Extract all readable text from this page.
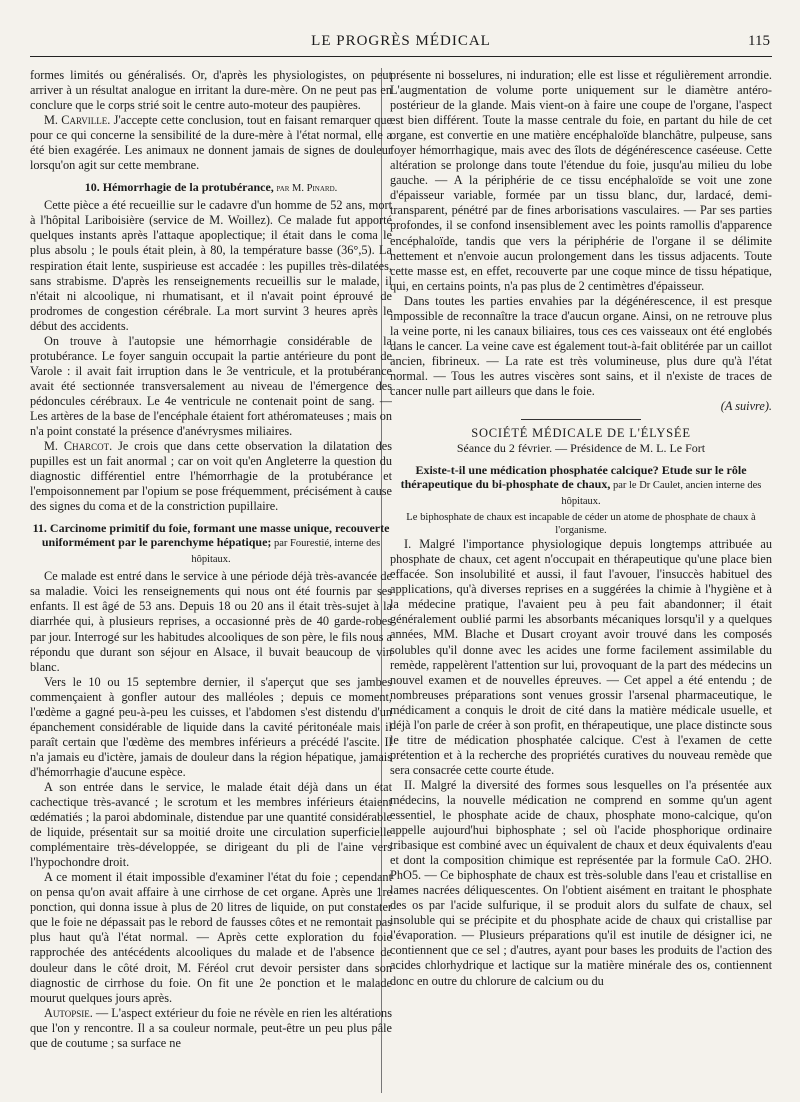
LE PROGRÈS MÉDICAL	115

formes limités ou généralisés. Or, d'après les physiologistes, on peut arriver à un résultat analogue en irritant la dure-mère. On ne peut pas en conclure que le corps strié soit le centre auto-moteur des paupières.

M. Carville. J'accepte cette conclusion, tout en faisant remarquer que pour ce qui concerne la sensibilité de la dure-mère à l'état normal, elle a été bien exagérée. Les animaux ne donnent jamais de signes de douleur lorsqu'on agit sur cette membrane.

10. Hémorrhagie de la protubérance, par M. Pinard.

Cette pièce a été recueillie sur le cadavre d'un homme de 52 ans, mort à l'hôpital Lariboisière (service de M. Woillez). Ce malade fut apporté quelques instants après l'attaque apoplectique; il était dans le coma le plus absolu ; le pouls était plein, à 80, la température basse (36°,5). La respiration était lente, suspirieuse est accadée : les pupilles très-dilatées, sans strabisme. D'après les renseignements recueillis sur le malade, il n'était ni alcoolique, ni rhumatisant, et il n'avait point éprouvé de prodromes de congestion cérébrale. La mort survint 3 heures après le début des accidents.

On trouve à l'autopsie une hémorrhagie considérable de la protubérance. Le foyer sanguin occupait la partie antérieure du pont de Varole : il avait fait irruption dans le 3e ventricule, et la protubérance avait été sectionnée transversalement au niveau de l'émergence des pédoncules cérébraux. Le 4e ventricule ne contenait point de sang. — Les artères de la base de l'encéphale étaient fort athéromateuses ; mais on n'a point constaté la présence d'anévrysmes miliaires.

M. Charcot. Je crois que dans cette observation la dilatation des pupilles est un fait anormal ; car on voit qu'en Angleterre la question du diagnostic différentiel entre l'hémorrhagie de la protubérance et l'empoisonnement par l'opium se pose fréquemment, précisément à cause des signes du coma et de la constriction pupillaire.

11. Carcinome primitif du foie, formant une masse unique, recouverte uniformément par le parenchyme hépatique; par Fourestié, interne des hôpitaux.

Ce malade est entré dans le service à une période déjà très-avancée de sa maladie. Voici les renseignements qui nous ont été fournis par ses enfants. Il est âgé de 53 ans. Depuis 18 ou 20 ans il était très-sujet à la diarrhée qui, à plusieurs reprises, a occasionné près de 40 garde-robes par jour. Interrogé sur les habitudes alcooliques de son père, le fils nous a répondu que durant son séjour en Alsace, il buvait beaucoup de vin blanc.

Vers le 10 ou 15 septembre dernier, il s'aperçut que ses jambes commençaient à gonfler autour des malléoles ; depuis ce moment, l'œdème a gagné peu-à-peu les cuisses, et l'abdomen s'est distendu d'un épanchement considérable de liquide dans la cavité péritonéale mais il paraît certain que l'œdème des membres inférieurs a précédé l'ascite. Il n'a jamais eu d'ictère, jamais de douleur dans la région hépatique, jamais d'hémorrhagie d'aucune espèce.

A son entrée dans le service, le malade était déjà dans un état cachectique très-avancé ; le scrotum et les membres inférieurs étaient œdématiés ; la paroi abdominale, distendue par une quantité considérable de liquide, présentait sur sa moitié droite une circulation superficielle complémentaire très-développée, se dirigeant du pli de l'aine vers l'hypochondre droit.

A ce moment il était impossible d'examiner l'état du foie ; cependant on pensa qu'on avait affaire à une cirrhose de cet organe. Après une 1re ponction, qui donna issue à plus de 20 litres de liquide, on put constater que le foie ne dépassait pas le rebord de fausses côtes et ne remontait pas plus haut qu'à l'état normal. — Après cette exploration du foie rapprochée des antécédents alcooliques du malade et de l'absence de douleur dans le côté droit, M. Féréol crut devoir persister dans son diagnostic de cirrhose du foie. On fit une 2e ponction et le malade mourut quelques jours après.

Autopsie. — L'aspect extérieur du foie ne révèle en rien les altérations que l'on y rencontre. Il a sa couleur normale, peut-être un peu plus pâle que de coutume ; sa surface ne

présente ni bosselures, ni induration; elle est lisse et régulièrement arrondie. L'augmentation de volume porte uniquement sur le diamètre antéro-postérieur de la glande. Mais vient-on à faire une coupe de l'organe, l'aspect est bien différent. Toute la masse centrale du foie, en partant du hile de cet organe, est convertie en une matière encéphaloïde blanchâtre, pulpeuse, sans foyer hémorrhagique, mais avec des îlots de dégénérescence caséeuse. Cette altération se prolonge dans toute l'étendue du foie, jusqu'au milieu du lobe gauche. — A la périphérie de ce tissu encéphaloïde se voit une zone d'épaisseur variable, formée par un tissu blanc, dur, lardacé, demi-transparent, pénétré par de fines arborisations vasculaires. — Par ses parties profondes, il se confond insensiblement avec les points ramollis d'apparence encéphaloïde, tandis que vers la périphérie de l'organe il se délimite nettement et n'envoie aucun prolongement dans les tissus adjacents. Toute cette masse est, en effet, recouverte par une coque mince de tissu hépatique, qui, en certains points, n'a pas plus de 2 centimètres d'épaisseur.

Dans toutes les parties envahies par la dégénérescence, il est presque impossible de reconnaître la trace d'aucun organe. Ainsi, on ne retrouve plus la veine porte, ni les canaux biliaires, tous ces ces vaisseaux ont été englobés dans le cancer. La veine cave est également tout-à-fait oblitérée par un caillot ancien, fibrineux. — La rate est très volumineuse, plus dure qu'à l'état normal. — Tous les autres viscères sont sains, et il n'existe de traces de cancer nulle part ailleurs que dans le foie.

(A suivre).

SOCIÉTÉ MÉDICALE DE L'ÉLYSÉE

Séance du 2 février. — Présidence de M. L. Le Fort

Existe-t-il une médication phosphatée calcique? Etude sur le rôle thérapeutique du bi-phosphate de chaux, par le Dr Caulet, ancien interne des hôpitaux.

Le biphosphate de chaux est incapable de céder un atome de phosphate de chaux à l'organisme.

I. Malgré l'importance physiologique depuis longtemps attribuée au phosphate de chaux, cet agent n'occupait en thérapeutique qu'une place bien effacée. Son insolubilité et aussi, il faut l'avouer, l'insuccès habituel des applications, qu'à diverses reprises en a suggérées la chimie à l'hygiène et à la médecine pratique, l'avaient peu à peu fait abandonner; il était généralement oublié parmi les absorbants mécaniques lorsqu'il y a quelques années, MM. Blache et Dusart croyant avoir trouvé dans les composés solubles qu'il donne avec les acides une forme facilement assimilable du remède, rappelèrent l'attention sur lui, provoquant de la part des médecins un nouvel examen et de nouvelles épreuves. — Cet appel a été entendu ; de nombreuses préparations sont venues grossir l'arsenal pharmaceutique, le médicament a conquis le droit de cité dans la matière médicale usuelle, et déjà l'on parle de créer à son profit, en thérapeutique, une place distincte sous le titre de médication phosphatée calcique. C'est à l'examen de cette prétention et à la recherche des propriétés curatives du nouveau remède que sera consacrée cette courte étude.

II. Malgré la diversité des formes sous lesquelles on l'a présentée aux médecins, la nouvelle médication ne comprend en somme qu'un agent essentiel, le phosphate acide de chaux, phosphate mono-calcique, qu'on appelle aujourd'hui biphosphate ; sel où l'acide phosphorique ordinaire tribasique est combiné avec un équivalent de chaux et deux équivalents d'eau et dont la composition chimique est représentée par la formule CaO. 2HO. PhO5. — Ce biphosphate de chaux est très-soluble dans l'eau et cristallise en lames nacrées déliquescentes. On l'obtient aisément en traitant le phosphate des os par l'acide sulfurique, il se produit alors du sulfate de chaux, sel insoluble qui se précipite et du phosphate acide de chaux qui cristallise par l'évaporation. — Plusieurs préparations qu'il est inutile de désigner ici, ne contiennent que ce sel ; d'autres, ayant pour bases les produits de l'action des acides chlorhydrique et lactique sur la matière minérale des os, contiennent donc en outre du chlorure de calcium ou du
